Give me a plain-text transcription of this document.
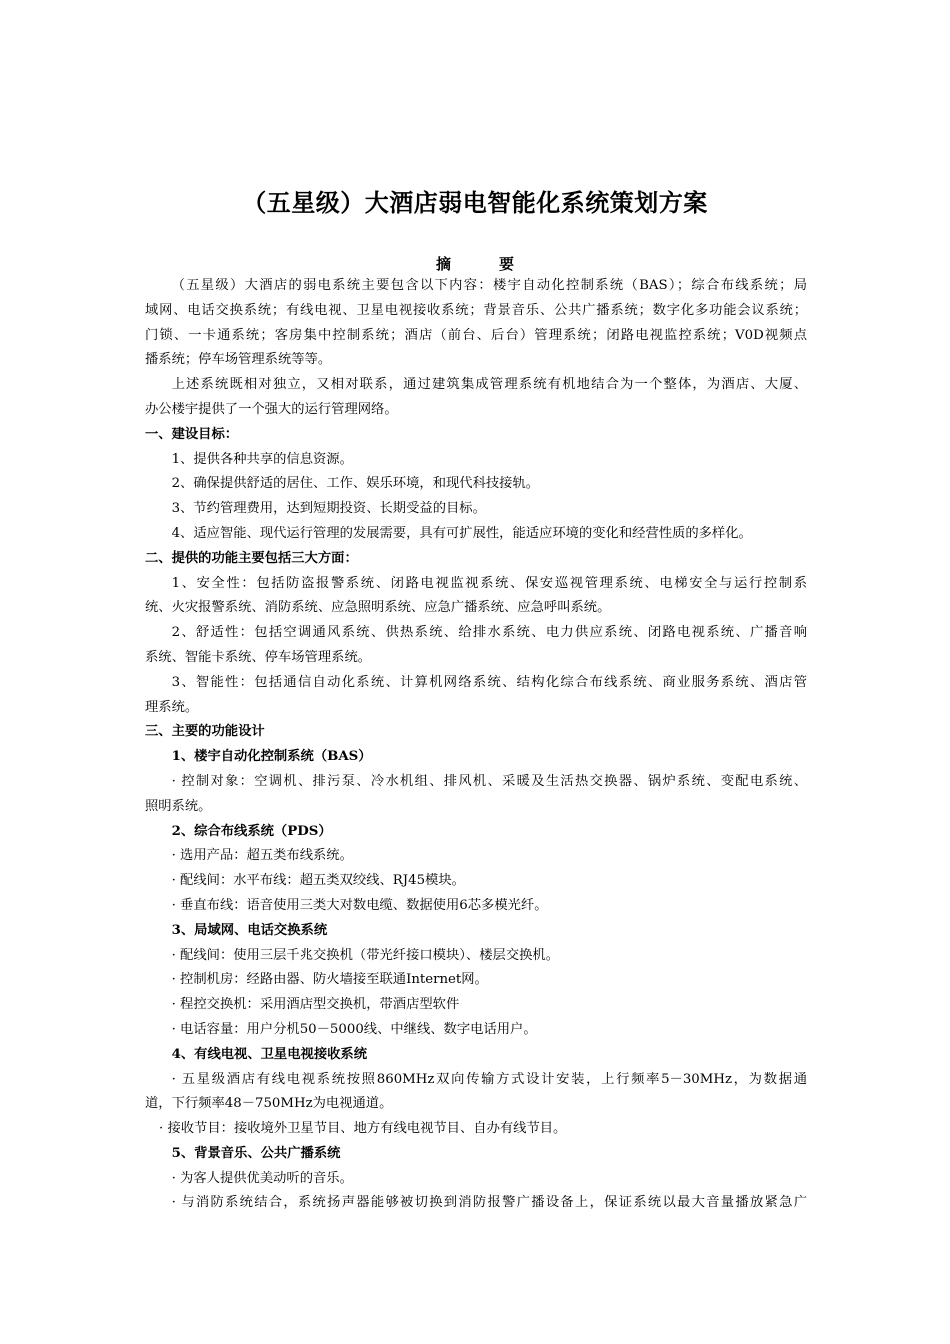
（五星级）大酒店弱电智能化系统策划方案
摘	要

（五星级）大酒店的弱电系统主要包含以下内容：楼宇自动化控制系统（BAS）；综合布线系统；局

域网、电话交换系统；有线电视、卫星电视接收系统；背景音乐、公共广播系统；数字化多功能会议系统；

门锁、一卡通系统；客房集中控制系统；酒店（前台、后台）管理系统；闭路电视监控系统；V0D视频点

播系统；停车场管理系统等等。

上述系统既相对独立，又相对联系，通过建筑集成管理系统有机地结合为一个整体，为酒店、大厦、

办公楼宇提供了一个强大的运行管理网络。

一、建设目标：

1、提供各种共享的信息资源。

2、确保提供舒适的居住、工作、娱乐环境，和现代科技接轨。

3、节约管理费用，达到短期投资、长期受益的目标。

4、适应智能、现代运行管理的发展需要，具有可扩展性，能适应环境的变化和经营性质的多样化。

二、提供的功能主要包括三大方面：

1、安全性：包括防盗报警系统、闭路电视监视系统、保安巡视管理系统、电梯安全与运行控制系

统、火灾报警系统、消防系统、应急照明系统、应急广播系统、应急呼叫系统。

2、舒适性：包括空调通风系统、供热系统、给排水系统、电力供应系统、闭路电视系统、广播音响

系统、智能卡系统、停车场管理系统。

3、智能性：包括通信自动化系统、计算机网络系统、结构化综合布线系统、商业服务系统、酒店管

理系统。

三、主要的功能设计

1、楼宇自动化控制系统（BAS）

· 控制对象：空调机、排污泵、冷水机组、排风机、采暖及生活热交换器、锅炉系统、变配电系统、

照明系统。

2、综合布线系统（PDS）

· 选用产品：超五类布线系统。

· 配线间：水平布线：超五类双绞线、RJ45模块。

· 垂直布线：语音使用三类大对数电缆、数据使用6芯多模光纤。

3、局域网、电话交换系统

· 配线间：使用三层千兆交换机（带光纤接口模块）、楼层交换机。

· 控制机房：经路由器、防火墙接至联通Internet网。

· 程控交换机：采用酒店型交换机，带酒店型软件

· 电话容量：用户分机50－5000线、中继线、数字电话用户。

4、有线电视、卫星电视接收系统

· 五星级酒店有线电视系统按照860MHz双向传输方式设计安装，上行频率5－30MHz，为数据通

道，下行频率48－750MHz为电视通道。

· 接收节目：接收境外卫星节目、地方有线电视节目、自办有线节目。

5、背景音乐、公共广播系统

· 为客人提供优美动听的音乐。

· 与消防系统结合，系统扬声器能够被切换到消防报警广播设备上，保证系统以最大音量播放紧急广
